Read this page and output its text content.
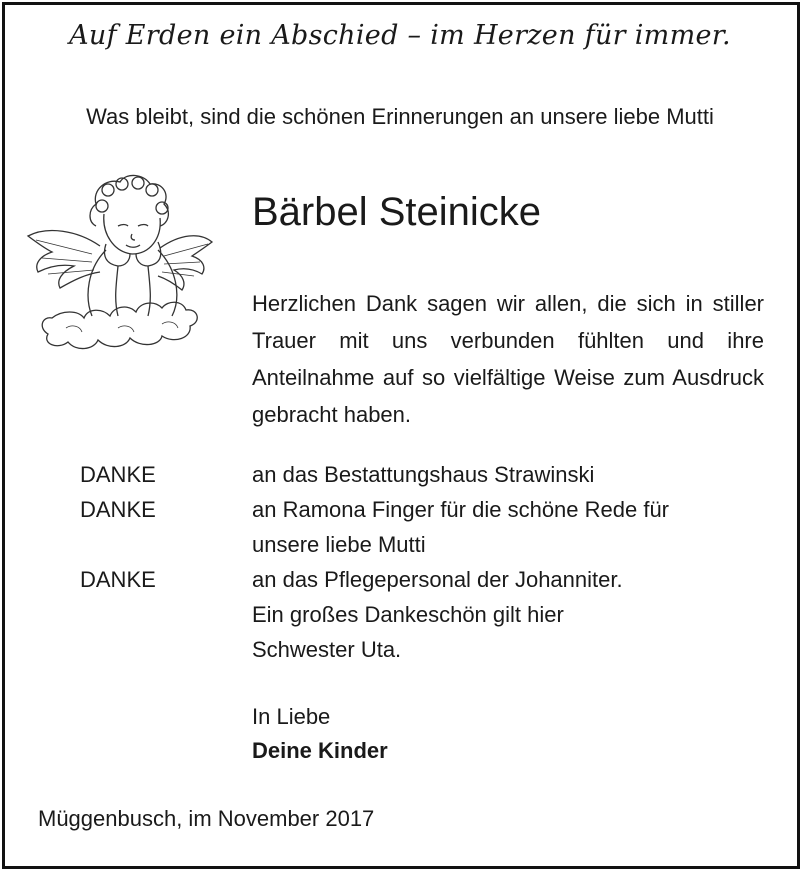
Auf Erden ein Abschied – im Herzen für immer.
Was bleibt, sind die schönen Erinnerungen an unsere liebe Mutti
Bärbel Steinicke
Herzlichen Dank sagen wir allen, die sich in stiller Trauer mit uns verbunden fühlten und ihre Anteilnahme auf so vielfältige Weise zum Ausdruck gebracht haben.
DANKE	an das Bestattungshaus Strawinski
DANKE	an Ramona Finger für die schöne Rede für
unsere liebe Mutti
DANKE	an das Pflegepersonal der Johanniter.
Ein großes Dankeschön gilt hier
Schwester Uta.
In Liebe
Deine Kinder
Müggenbusch, im November 2017
